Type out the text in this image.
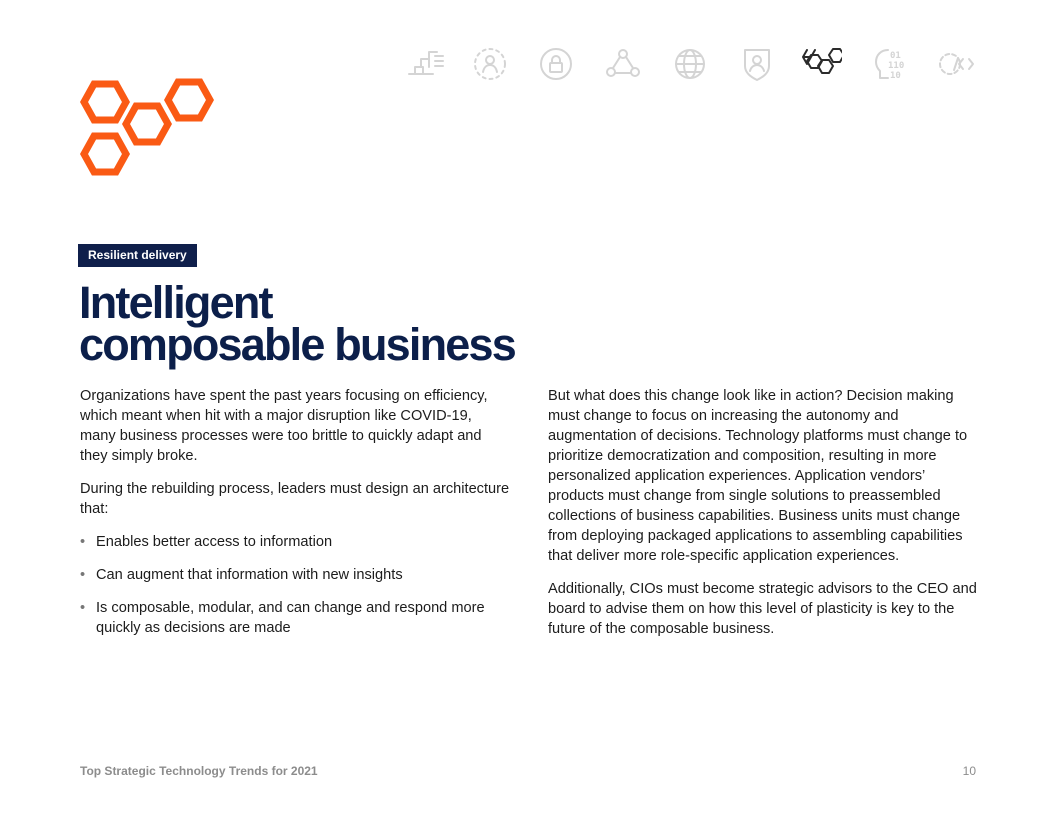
01
110
10
Resilient delivery
Intelligent
composable business

Organizations have spent the past years focusing on efficiency, which meant when hit with a major disruption like COVID-19, many business processes were too brittle to quickly adapt and they simply broke.

During the rebuilding process, leaders must design an architecture that:

• Enables better access to information
• Can augment that information with new insights
• Is composable, modular, and can change and respond more quickly as decisions are made

But what does this change look like in action? Decision making must change to focus on increasing the autonomy and augmentation of decisions. Technology platforms must change to prioritize democratization and composition, resulting in more personalized application experiences. Application vendors’ products must change from single solutions to preassembled collections of business capabilities. Business units must change from deploying packaged applications to assembling capabilities that deliver more role-specific application experiences.

Additionally, CIOs must become strategic advisors to the CEO and board to advise them on how this level of plasticity is key to the future of the composable business.

Top Strategic Technology Trends for 2021	10
